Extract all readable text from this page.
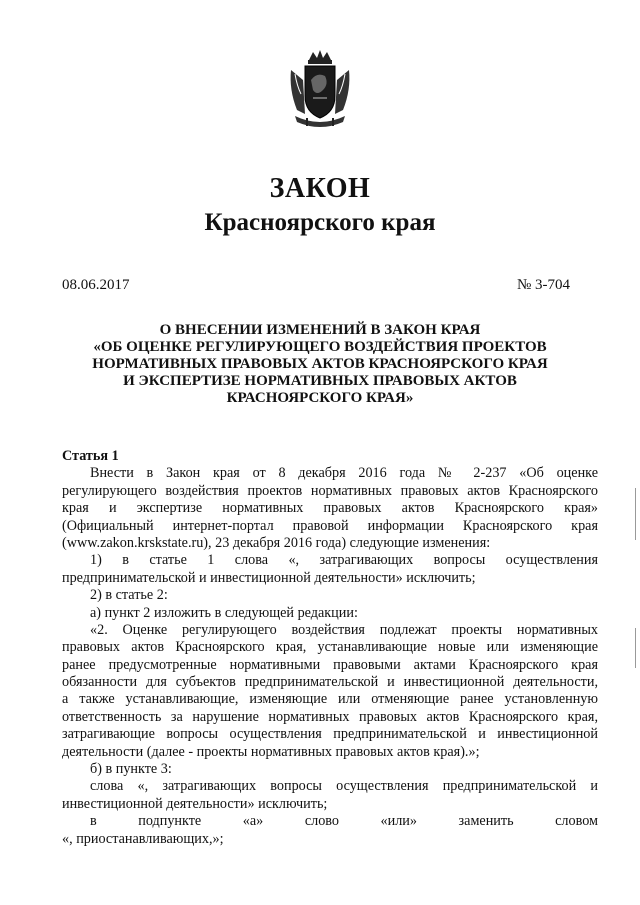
ЗАКОН
Красноярского края
08.06.2017	№ 3-704
О ВНЕСЕНИИ ИЗМЕНЕНИЙ В ЗАКОН КРАЯ
«ОБ ОЦЕНКЕ РЕГУЛИРУЮЩЕГО ВОЗДЕЙСТВИЯ ПРОЕКТОВ
НОРМАТИВНЫХ ПРАВОВЫХ АКТОВ КРАСНОЯРСКОГО КРАЯ
И ЭКСПЕРТИЗЕ НОРМАТИВНЫХ ПРАВОВЫХ АКТОВ
КРАСНОЯРСКОГО КРАЯ»
Статья 1
Внести в Закон края от 8 декабря 2016 года № 2-237 «Об оценке
регулирующего воздействия проектов нормативных правовых актов Красноярского
края и экспертизе нормативных правовых актов Красноярского края»
(Официальный интернет-портал правовой информации Красноярского края
(www.zakon.krskstate.ru), 23 декабря 2016 года) следующие изменения:
1) в статье 1 слова «, затрагивающих вопросы осуществления
предпринимательской и инвестиционной деятельности» исключить;
2) в статье 2:
а) пункт 2 изложить в следующей редакции:
«2. Оценке регулирующего воздействия подлежат проекты нормативных
правовых актов Красноярского края, устанавливающие новые или изменяющие
ранее предусмотренные нормативными правовыми актами Красноярского края
обязанности для субъектов предпринимательской и инвестиционной деятельности,
а также устанавливающие, изменяющие или отменяющие ранее установленную
ответственность за нарушение нормативных правовых актов Красноярского края,
затрагивающие вопросы осуществления предпринимательской и инвестиционной
деятельности (далее - проекты нормативных правовых актов края).»;
б) в пункте 3:
слова «, затрагивающих вопросы осуществления предпринимательской и
инвестиционной деятельности» исключить;
в подпункте «а» слово «или» заменить словом
«, приостанавливающих,»;
